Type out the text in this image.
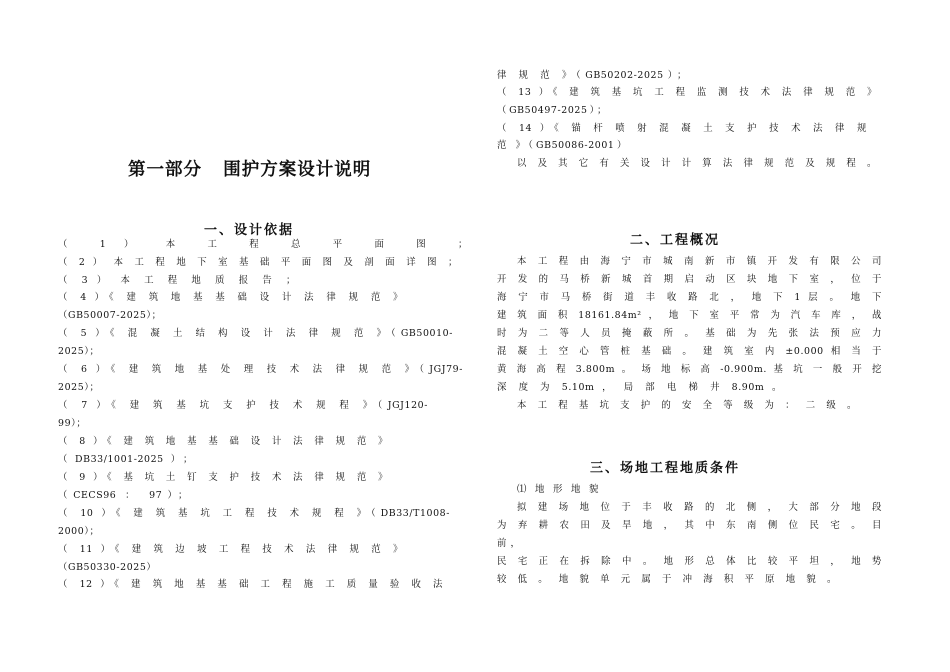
第一部分   围护方案设计说明
一、设计依据
（ 1 ） 本 工 程 总 平 面 图 ；
（ 2 ） 本 工 程 地 下 室 基 础 平 面 图 及 剖 面 详 图 ；
（ 3 ） 本 工 程 地 质 报 告 ；
（ 4 ）《 建 筑 地 基 基 础 设 计 法 律 规 范 》
（GB50007-2025）；
（ 5 ）《 混 凝 土 结 构 设 计 法 律 规 范 》（GB50010-
2025）；
（ 6 ）《 建 筑 地 基 处 理 技 术 法 律 规 范 》（JGJ79-
2025）；
（ 7 ）《 建 筑 基 坑 支 护 技 术 规 程 》（JGJ120-
99）；
（ 8 ）《 建 筑 地 基 基 础 设 计 法 律 规 范 》
（DB33/1001-2025）；
（ 9 ）《 基 坑 土 钉 支 护 技 术 法 律 规 范 》
（CECS96 ： 97）；
（ 10 ）《 建 筑 基 坑 工 程 技 术 规 程 》（DB33/T1008-
2000）；
（ 11 ）《 建 筑 边 坡 工 程 技 术 法 律 规 范 》
（GB50330-2025）
（ 12 ）《 建 筑 地 基 基 础 工 程 施 工 质 量 验 收 法
律 规 范 》（GB50202-2025）；
（ 13 ）《 建 筑 基 坑 工 程 监 测 技 术 法 律 规 范 》
（GB50497-2025）；
（ 14 ）《 锚 杆 喷 射 混 凝 土 支 护 技 术 法 律 规
范 》（GB50086-2001）
以 及 其 它 有 关 设 计 计 算 法 律 规 范 及 规 程 。
二、工程概况
本 工 程 由 海 宁 市 城 南 新 市 镇 开 发 有 限 公 司
开 发 的 马 桥 新 城 首 期 启 动 区 块 地 下 室 ， 位 于
海 宁 市 马 桥 街 道 丰 收 路 北 ， 地 下 1 层 。 地 下
建 筑 面 积 18161.84m² ， 地 下 室 平 常 为 汽 车 库 ， 战
时 为 二 等 人 员 掩 蔽 所 。 基 础 为 先 张 法 预 应 力
混 凝 土 空 心 管 桩 基 础 。 建 筑 室 内 ±0.000 相 当 于
黄 海 高 程 3.800m 。 场 地 标 高 -0.900m. 基 坑 一 般 开 挖
深 度 为 5.10m ， 局 部 电 梯 井 8.90m 。
本 工 程 基 坑 支 护 的 安 全 等 级 为 ： 二 级 。
三、场地工程地质条件
⑴ 地 形 地 貌
拟 建 场 地 位 于 丰 收 路 的 北 侧 ， 大 部 分 地 段
为 弃 耕 农 田 及 旱 地 ， 其 中 东 南 侧 位 民 宅 。 目
前 ，
民 宅 正 在 拆 除 中 。 地 形 总 体 比 较 平 坦 ， 地 势
较 低 。 地 貌 单 元 属 于 冲 海 积 平 原 地 貌 。
